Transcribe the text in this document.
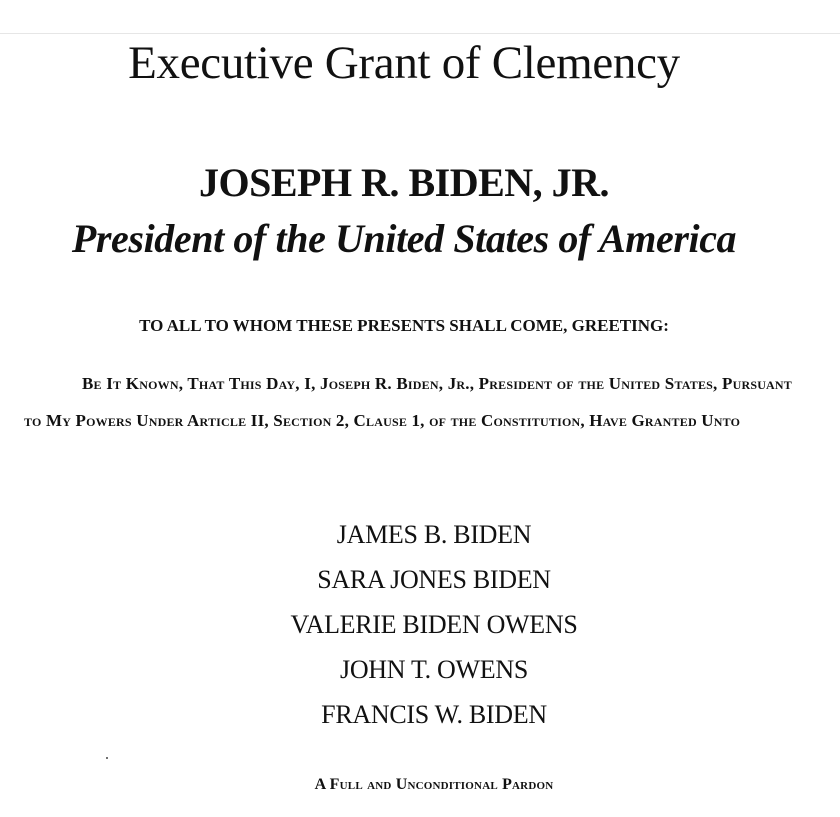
Executive Grant of Clemency
JOSEPH R. BIDEN, JR.
President of the United States of America
TO ALL TO WHOM THESE PRESENTS SHALL COME, GREETING:
Be It Known, That This Day, I, Joseph R. Biden, Jr., President of the United States, Pursuant to My Powers Under Article II, Section 2, Clause 1, of the Constitution, Have Granted Unto
JAMES B. BIDEN
SARA JONES BIDEN
VALERIE BIDEN OWENS
JOHN T. OWENS
FRANCIS W. BIDEN
A Full and Unconditional Pardon
